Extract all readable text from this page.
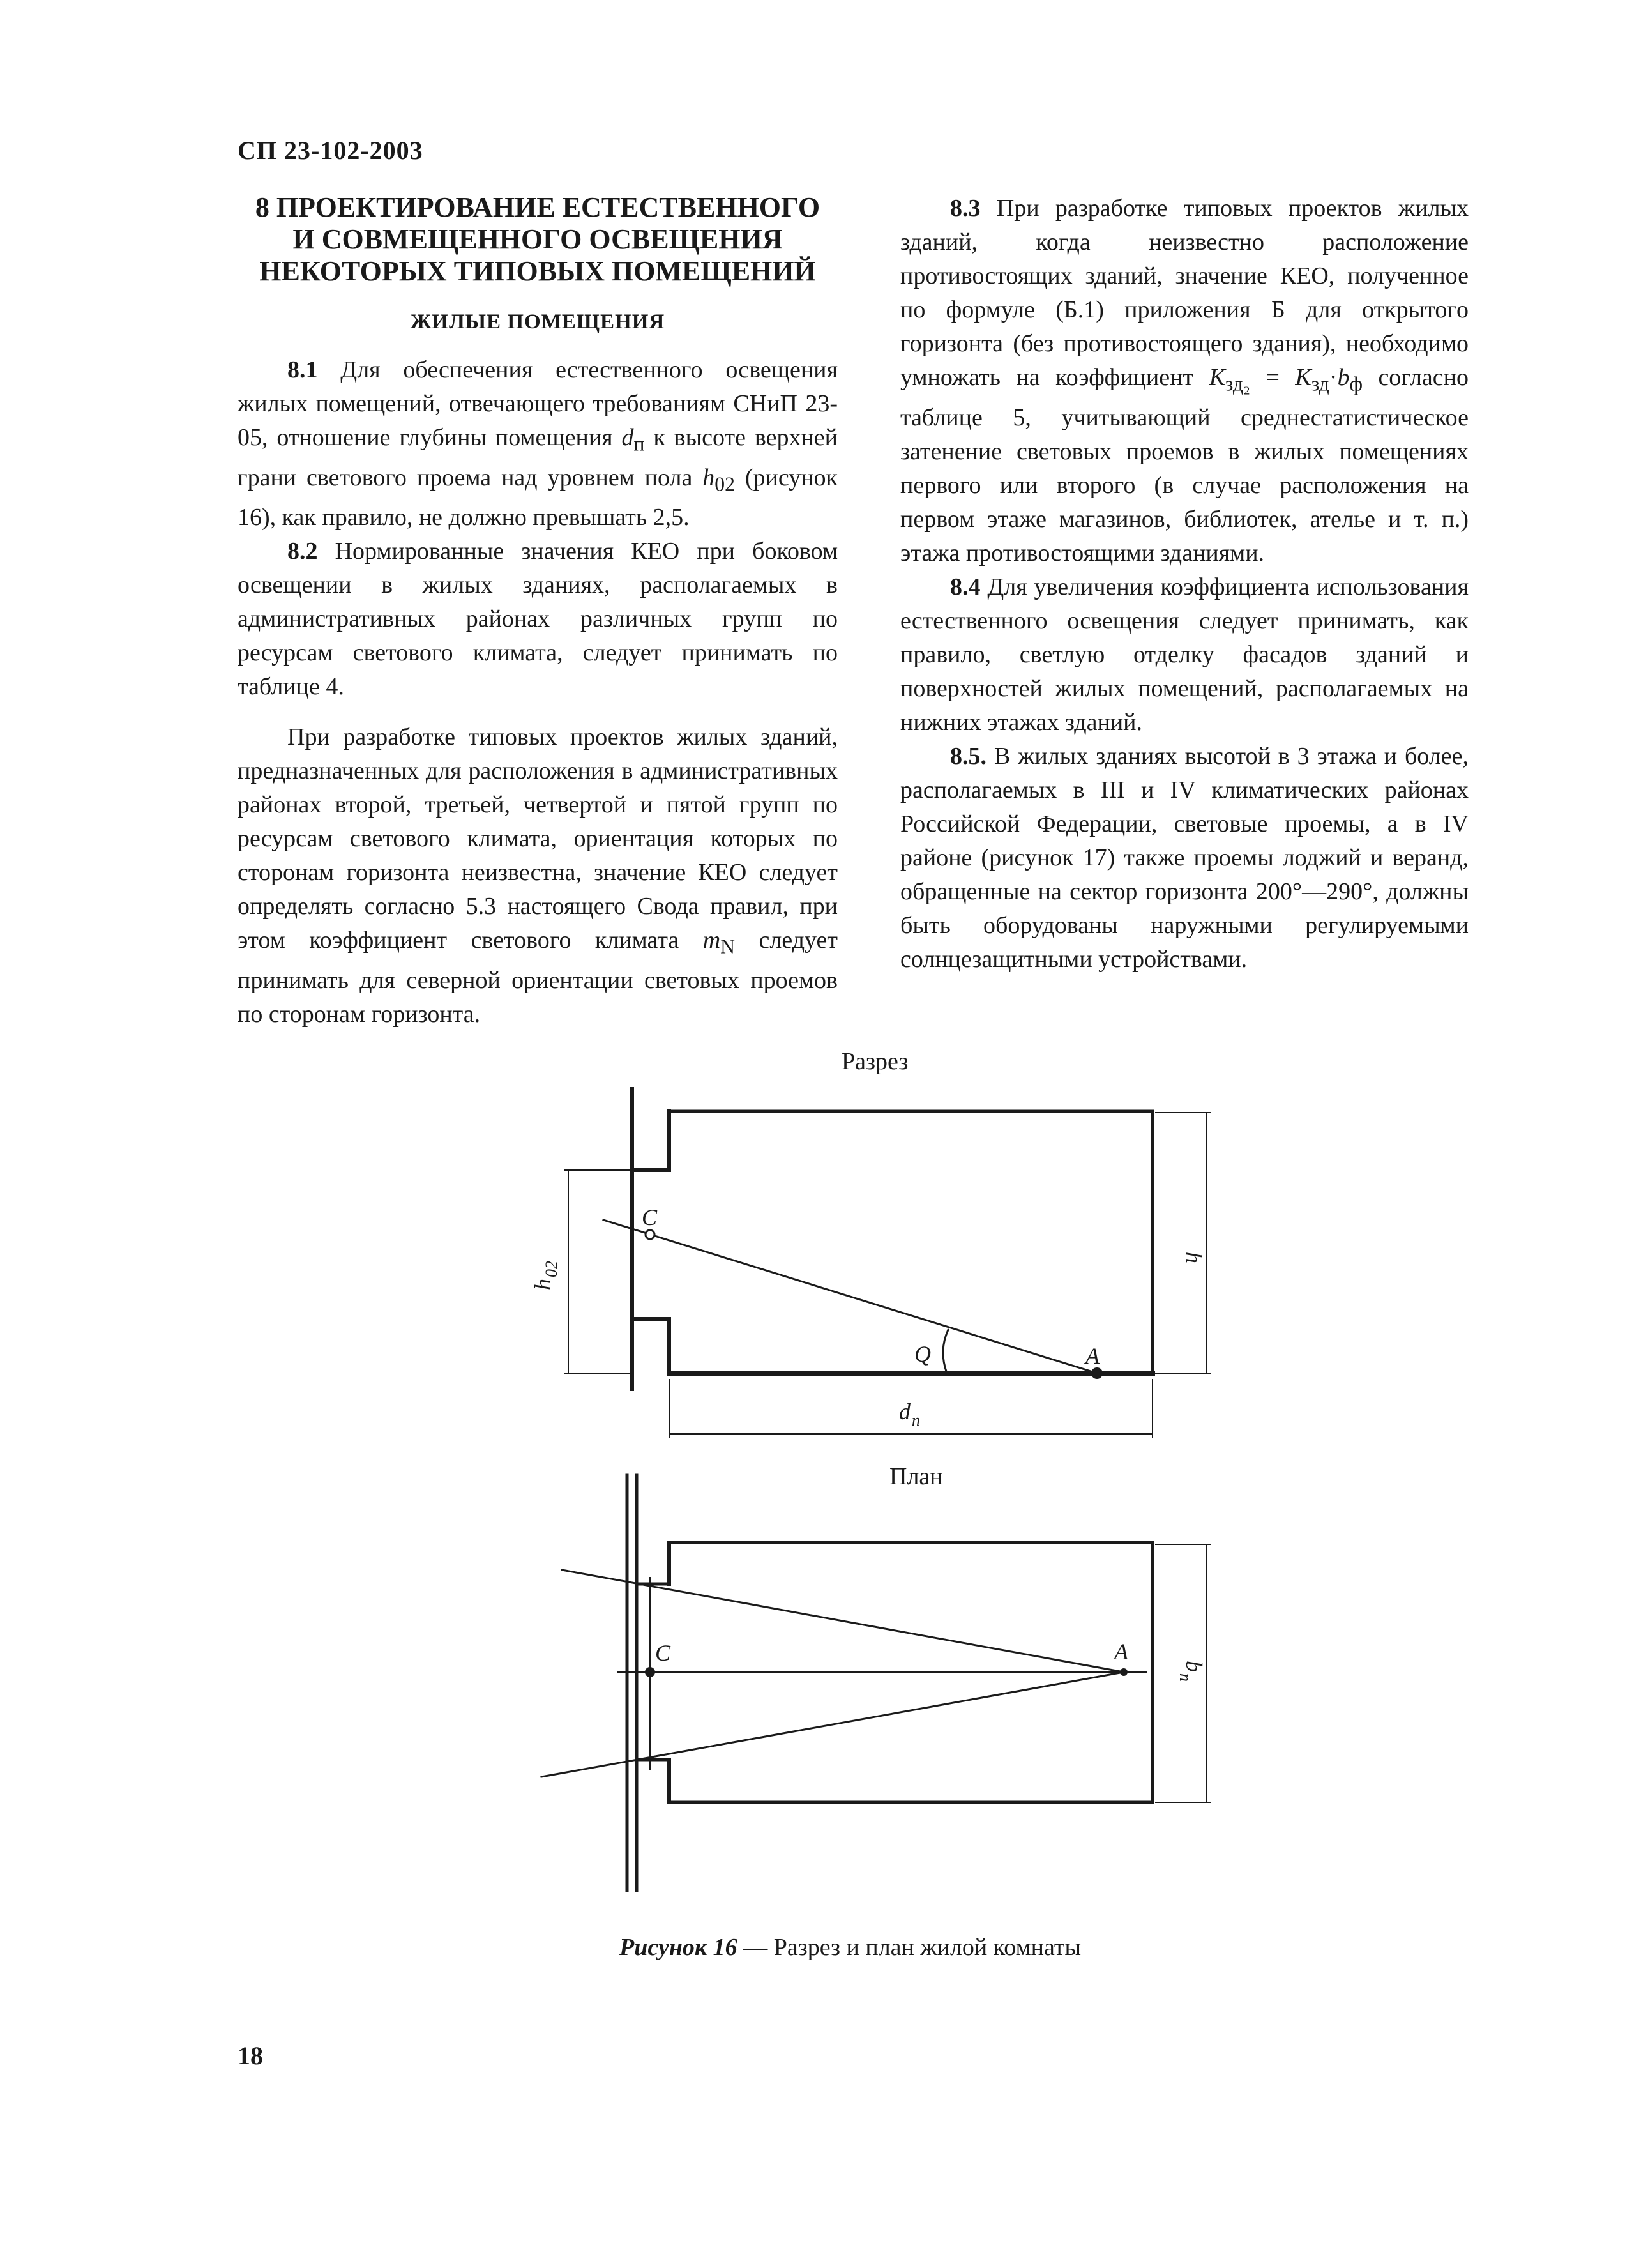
СП 23-102-2003
8 ПРОЕКТИРОВАНИЕ ЕСТЕСТВЕННОГО
И СОВМЕЩЕННОГО ОСВЕЩЕНИЯ
НЕКОТОРЫХ ТИПОВЫХ ПОМЕЩЕНИЙ
ЖИЛЫЕ ПОМЕЩЕНИЯ

8.1 Для обеспечения естественного освещения жилых помещений, отвечающего требованиям СНиП 23-05, отношение глубины помещения $d_п$ к высоте верхней грани светового проема над уровнем пола $h_{02}$ (рисунок 16), как правило, не должно превышать 2,5.

8.2 Нормированные значения КЕО при боковом освещении в жилых зданиях, располагаемых в административных районах различных групп по ресурсам светового климата, следует принимать по таблице 4.

При разработке типовых проектов жилых зданий, предназначенных для расположения в административных районах второй, третьей, четвертой и пятой групп по ресурсам светового климата, ориентация которых по сторонам горизонта неизвестна, значение КЕО следует определять согласно 5.3 настоящего Свода правил, при этом коэффициент светового климата $m_N$ следует принимать для северной ориентации световых проемов по сторонам горизонта.

8.3 При разработке типовых проектов жилых зданий, когда неизвестно расположение противостоящих зданий, значение КЕО, полученное по формуле (Б.1) приложения Б для открытого горизонта (без противостоящего здания), необходимо умножать на коэффициент $K_{зд_2} = K_{зд}\cdot b_ф$ согласно таблице 5, учитывающий среднестатистическое затенение световых проемов в жилых помещениях первого или второго (в случае расположения на первом этаже магазинов, библиотек, ателье и т. п.) этажа противостоящими зданиями.

8.4 Для увеличения коэффициента использования естественного освещения следует принимать, как правило, светлую отделку фасадов зданий и поверхностей жилых помещений, располагаемых на нижних этажах зданий.

8.5. В жилых зданиях высотой в 3 этажа и более, располагаемых в III и IV климатических районах Российской Федерации, световые проемы, а в IV районе (рисунок 17) также проемы лоджий и веранд, обращенные на сектор горизонта 200°—290°, должны быть оборудованы наружными регулируемыми солнцезащитными устройствами.

Разрез
План
C
A
Q
h
h
02
d п
C	A
b
п
Рисунок 16 — Разрез и план жилой комнаты
18
